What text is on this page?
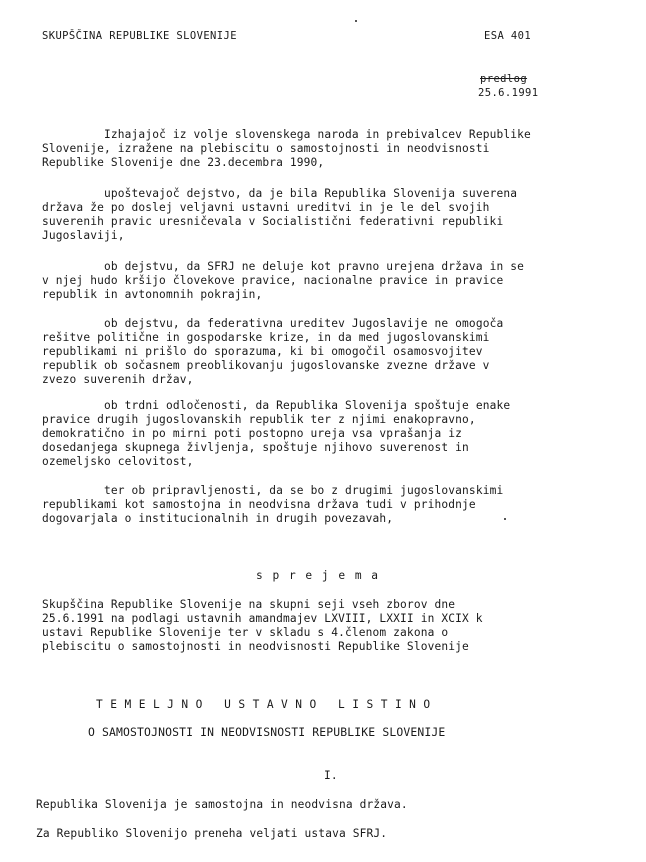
SKUPŠČINA REPUBLIKE SLOVENIJE	ESA 401
predlog
25.6.1991
Izhajajoč iz volje slovenskega naroda in prebivalcev Republike
Slovenije, izražene na plebiscitu o samostojnosti in neodvisnosti
Republike Slovenije dne 23.decembra 1990,
upoštevajoč dejstvo, da je bila Republika Slovenija suverena
država že po doslej veljavni ustavni ureditvi in je le del svojih
suverenih pravic uresničevala v Socialistični federativni republiki
Jugoslaviji,
ob dejstvu, da SFRJ ne deluje kot pravno urejena država in se
v njej hudo kršijo človekove pravice, nacionalne pravice in pravice
republik in avtonomnih pokrajin,
ob dejstvu, da federativna ureditev Jugoslavije ne omogoča
rešitve politične in gospodarske krize, in da med jugoslovanskimi
republikami ni prišlo do sporazuma, ki bi omogočil osamosvojitev
republik ob sočasnem preoblikovanju jugoslovanske zvezne države v
zvezo suverenih držav,
ob trdni odločenosti, da Republika Slovenija spoštuje enake
pravice drugih jugoslovanskih republik ter z njimi enakopravno,
demokratično in po mirni poti postopno ureja vsa vprašanja iz
dosedanjega skupnega življenja, spoštuje njihovo suverenost in
ozemeljsko celovitost,
ter ob pripravljenosti, da se bo z drugimi jugoslovanskimi
republikami kot samostojna in neodvisna država tudi v prihodnje
dogovarjala o institucionalnih in drugih povezavah,
s p r e j e m a
Skupščina Republike Slovenije na skupni seji vseh zborov dne
25.6.1991 na podlagi ustavnih amandmajev LXVIII, LXXII in XCIX k
ustavi Republike Slovenije ter v skladu s 4.členom zakona o
plebiscitu o samostojnosti in neodvisnosti Republike Slovenije
TEMELJNO USTAVNO LISTINO
O SAMOSTOJNOSTI IN NEODVISNOSTI REPUBLIKE SLOVENIJE
I.
Republika Slovenija je samostojna in neodvisna država.
Za Republiko Slovenijo preneha veljati ustava SFRJ.
